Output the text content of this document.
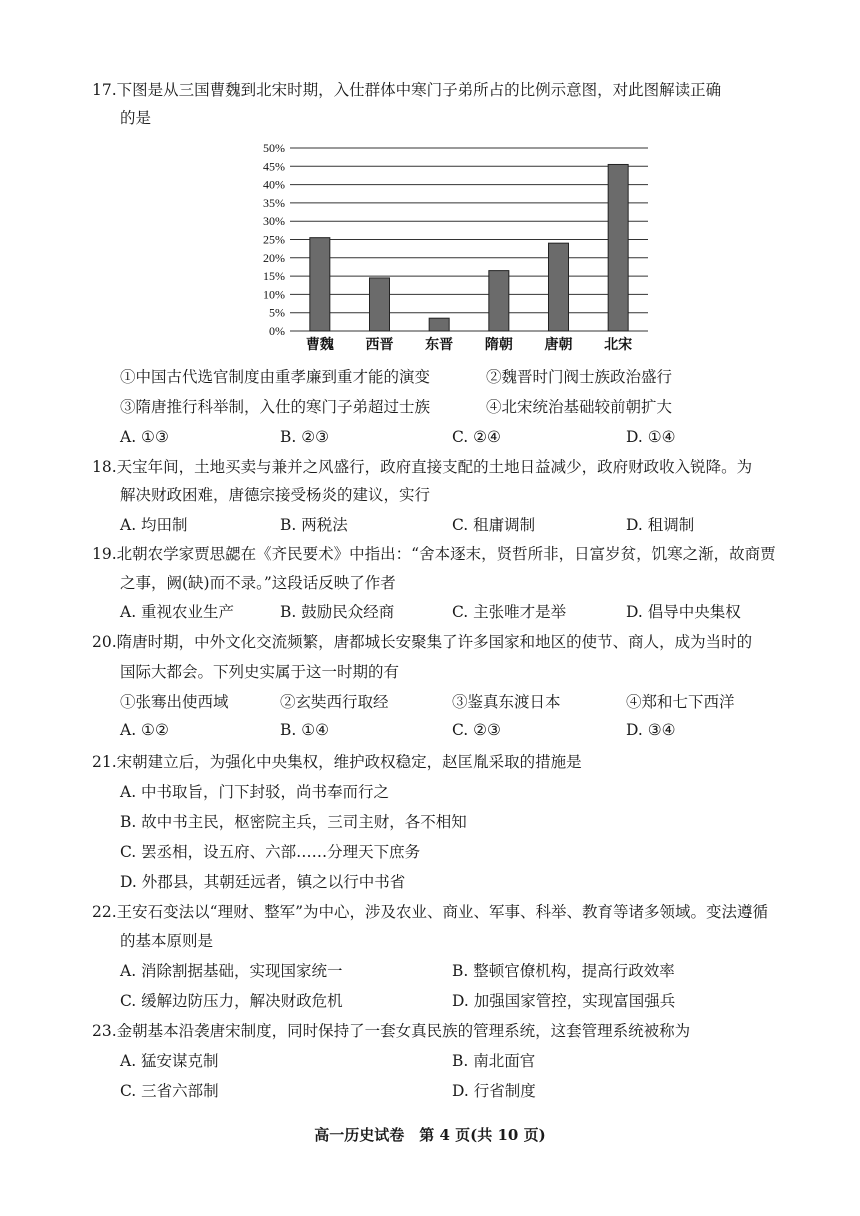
17.下图是从三国曹魏到北宋时期，入仕群体中寒门子弟所占的比例示意图，对此图解读正确
的是
0%
5%
10%
15%
20%
25%
30%
35%
40%
45%
50%
曹魏 西晋 东晋 隋朝 唐朝 北宋
①中国古代选官制度由重孝廉到重才能的演变	②魏晋时门阀士族政治盛行
③隋唐推行科举制，入仕的寒门子弟超过士族	④北宋统治基础较前朝扩大
A. ①③	B. ②③	C. ②④	D. ①④
18.天宝年间，土地买卖与兼并之风盛行，政府直接支配的土地日益减少，政府财政收入锐降。为
解决财政困难，唐德宗接受杨炎的建议，实行
A. 均田制	B. 两税法	C. 租庸调制	D. 租调制
19.北朝农学家贾思勰在《齐民要术》中指出：“舍本逐末，贤哲所非，日富岁贫，饥寒之渐，故商贾
之事，阙(缺)而不录。”这段话反映了作者
A. 重视农业生产	B. 鼓励民众经商	C. 主张唯才是举	D. 倡导中央集权
20.隋唐时期，中外文化交流频繁，唐都城长安聚集了许多国家和地区的使节、商人，成为当时的
国际大都会。下列史实属于这一时期的有
①张骞出使西域	②玄奘西行取经	③鉴真东渡日本	④郑和七下西洋
A. ①②	B. ①④	C. ②③	D. ③④
21.宋朝建立后，为强化中央集权，维护政权稳定，赵匡胤采取的措施是
A. 中书取旨，门下封驳，尚书奉而行之
B. 故中书主民，枢密院主兵，三司主财，各不相知
C. 罢丞相，设五府、六部……分理天下庶务
D. 外郡县，其朝廷远者，镇之以行中书省
22.王安石变法以“理财、整军”为中心，涉及农业、商业、军事、科举、教育等诸多领域。变法遵循
的基本原则是
A. 消除割据基础，实现国家统一	B. 整顿官僚机构，提高行政效率
C. 缓解边防压力，解决财政危机	D. 加强国家管控，实现富国强兵
23.金朝基本沿袭唐宋制度，同时保持了一套女真民族的管理系统，这套管理系统被称为
A. 猛安谋克制	B. 南北面官
C. 三省六部制	D. 行省制度
高一历史试卷　第 4 页(共 10 页)
